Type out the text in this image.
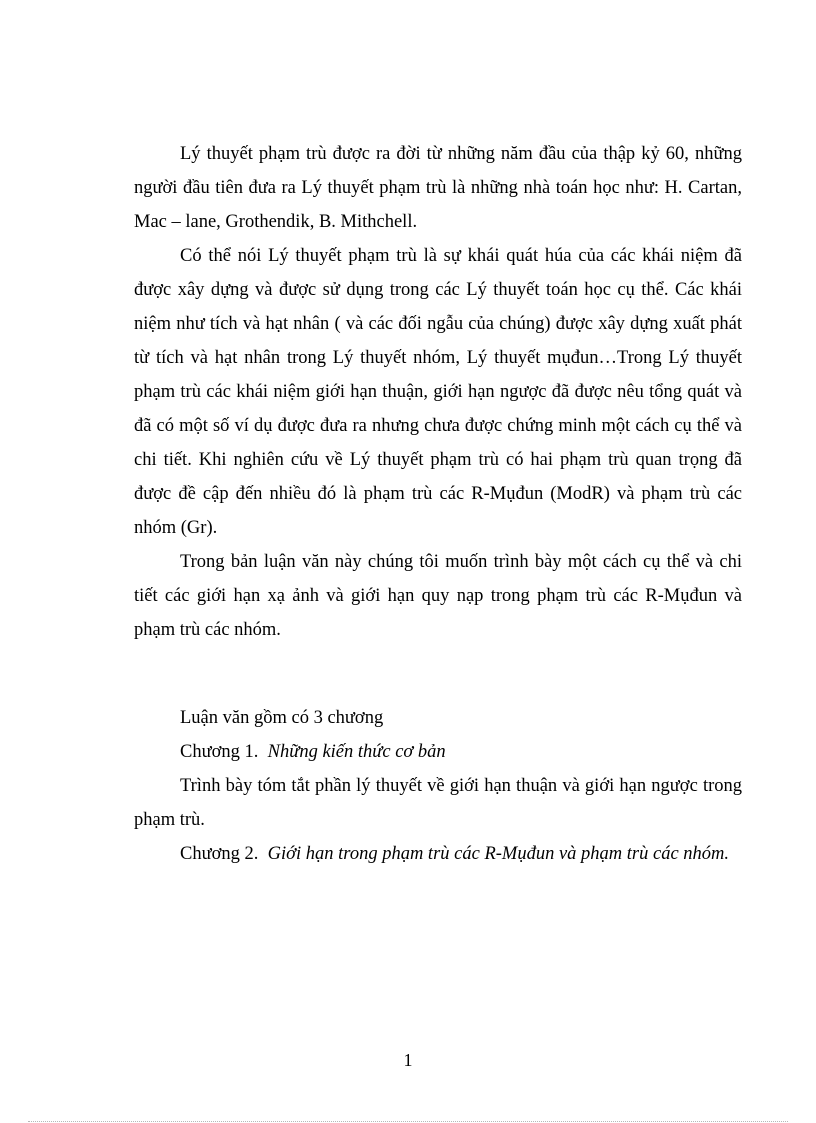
Lý thuyết phạm trù được ra đời từ những năm đầu của thập kỷ 60, những người đầu tiên đưa ra Lý thuyết phạm trù là những nhà toán học như: H. Cartan, Mac – lane, Grothendik, B. Mithchell.

Có thể nói Lý thuyết phạm trù là sự khái quát húa của các khái niệm đã được xây dựng và được sử dụng trong các Lý thuyết toán học cụ thể. Các khái niệm như tích và hạt nhân ( và các đối ngẫu của chúng) được xây dựng xuất phát từ tích và hạt nhân trong Lý thuyết nhóm, Lý thuyết mụđun…Trong Lý thuyết phạm trù các khái niệm giới hạn thuận, giới hạn ngược đã được nêu tổng quát và đã có một số ví dụ được đưa ra nhưng chưa được chứng minh một cách cụ thể và chi tiết. Khi nghiên cứu về Lý thuyết phạm trù có hai phạm trù quan trọng đã được đề cập đến nhiều đó là phạm trù các R-Mụđun (ModR) và phạm trù các nhóm (Gr).

Trong bản luận văn này chúng tôi muốn trình bày một cách cụ thể và chi tiết các giới hạn xạ ảnh và giới hạn quy nạp trong phạm trù các R-Mụđun và phạm trù các nhóm.

Luận văn gồm có 3 chương

Chương 1. Những kiến thức cơ bản

Trình bày tóm tắt phần lý thuyết về giới hạn thuận và giới hạn ngược trong phạm trù.

Chương 2. Giới hạn trong phạm trù các R-Mụđun và phạm trù các nhóm.

1
